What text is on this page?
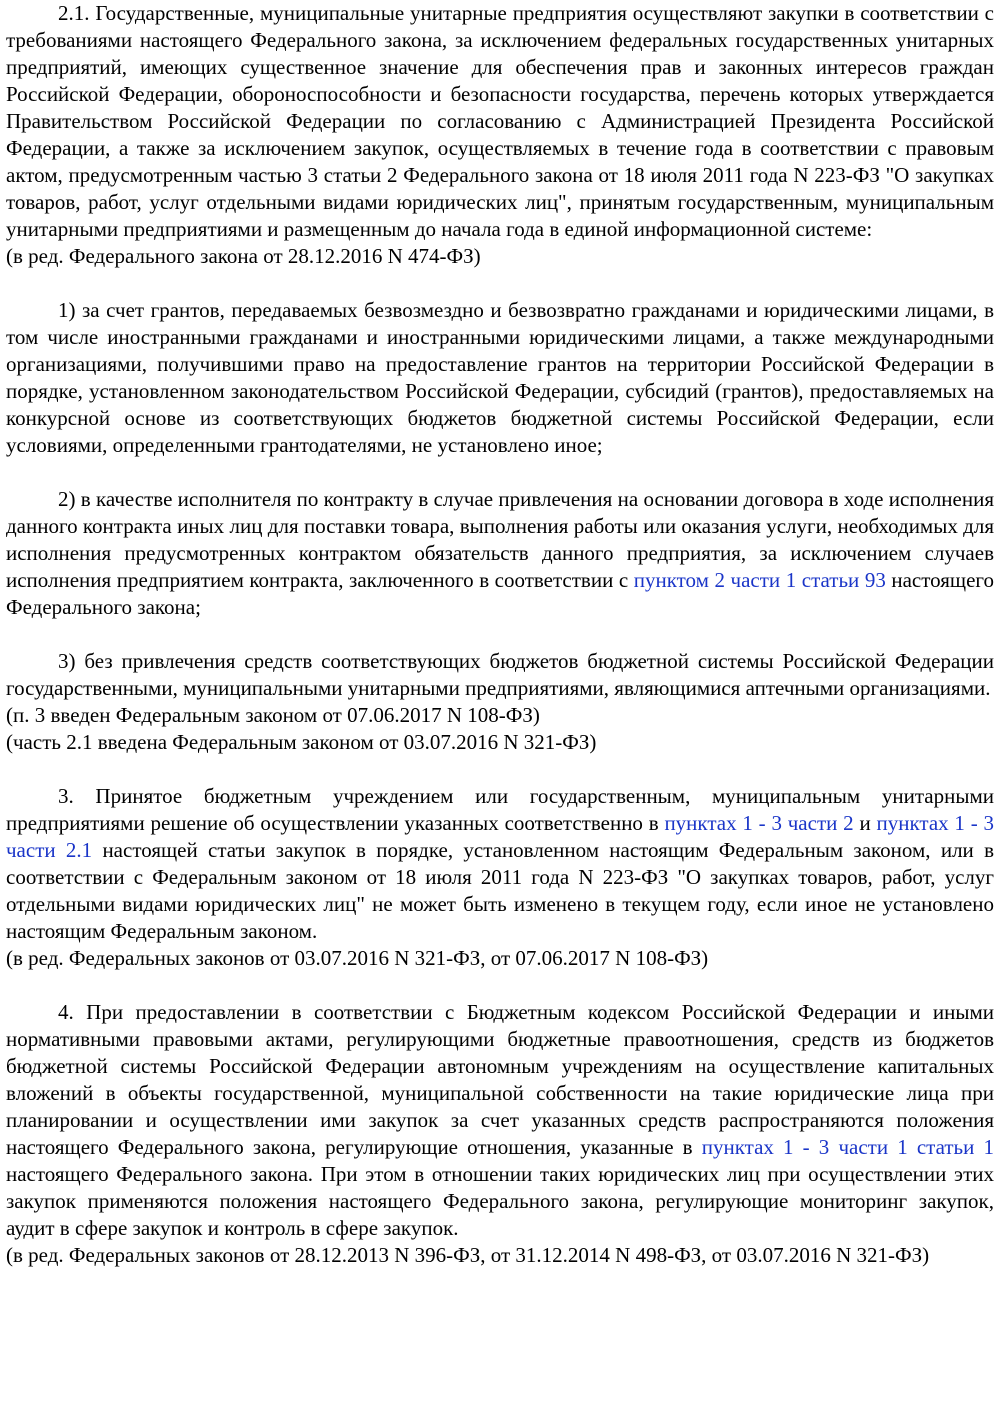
2.1. Государственные, муниципальные унитарные предприятия осуществляют закупки в соответствии с требованиями настоящего Федерального закона, за исключением федеральных государственных унитарных предприятий, имеющих существенное значение для обеспечения прав и законных интересов граждан Российской Федерации, обороноспособности и безопасности государства, перечень которых утверждается Правительством Российской Федерации по согласованию с Администрацией Президента Российской Федерации, а также за исключением закупок, осуществляемых в течение года в соответствии с правовым актом, предусмотренным частью 3 статьи 2 Федерального закона от 18 июля 2011 года N 223-ФЗ "О закупках товаров, работ, услуг отдельными видами юридических лиц", принятым государственным, муниципальным унитарными предприятиями и размещенным до начала года в единой информационной системе:

(в ред. Федерального закона от 28.12.2016 N 474-ФЗ)

1) за счет грантов, передаваемых безвозмездно и безвозвратно гражданами и юридическими лицами, в том числе иностранными гражданами и иностранными юридическими лицами, а также международными организациями, получившими право на предоставление грантов на территории Российской Федерации в порядке, установленном законодательством Российской Федерации, субсидий (грантов), предоставляемых на конкурсной основе из соответствующих бюджетов бюджетной системы Российской Федерации, если условиями, определенными грантодателями, не установлено иное;

2) в качестве исполнителя по контракту в случае привлечения на основании договора в ходе исполнения данного контракта иных лиц для поставки товара, выполнения работы или оказания услуги, необходимых для исполнения предусмотренных контрактом обязательств данного предприятия, за исключением случаев исполнения предприятием контракта, заключенного в соответствии с пунктом 2 части 1 статьи 93 настоящего Федерального закона;

3) без привлечения средств соответствующих бюджетов бюджетной системы Российской Федерации государственными, муниципальными унитарными предприятиями, являющимися аптечными организациями.

(п. 3 введен Федеральным законом от 07.06.2017 N 108-ФЗ)

(часть 2.1 введена Федеральным законом от 03.07.2016 N 321-ФЗ)

3. Принятое бюджетным учреждением или государственным, муниципальным унитарными предприятиями решение об осуществлении указанных соответственно в пунктах 1 - 3 части 2 и пунктах 1 - 3 части 2.1 настоящей статьи закупок в порядке, установленном настоящим Федеральным законом, или в соответствии с Федеральным законом от 18 июля 2011 года N 223-ФЗ "О закупках товаров, работ, услуг отдельными видами юридических лиц" не может быть изменено в текущем году, если иное не установлено настоящим Федеральным законом.

(в ред. Федеральных законов от 03.07.2016 N 321-ФЗ, от 07.06.2017 N 108-ФЗ)

4. При предоставлении в соответствии с Бюджетным кодексом Российской Федерации и иными нормативными правовыми актами, регулирующими бюджетные правоотношения, средств из бюджетов бюджетной системы Российской Федерации автономным учреждениям на осуществление капитальных вложений в объекты государственной, муниципальной собственности на такие юридические лица при планировании и осуществлении ими закупок за счет указанных средств распространяются положения настоящего Федерального закона, регулирующие отношения, указанные в пунктах 1 - 3 части 1 статьи 1 настоящего Федерального закона. При этом в отношении таких юридических лиц при осуществлении этих закупок применяются положения настоящего Федерального закона, регулирующие мониторинг закупок, аудит в сфере закупок и контроль в сфере закупок.

(в ред. Федеральных законов от 28.12.2013 N 396-ФЗ, от 31.12.2014 N 498-ФЗ, от 03.07.2016 N 321-ФЗ)
